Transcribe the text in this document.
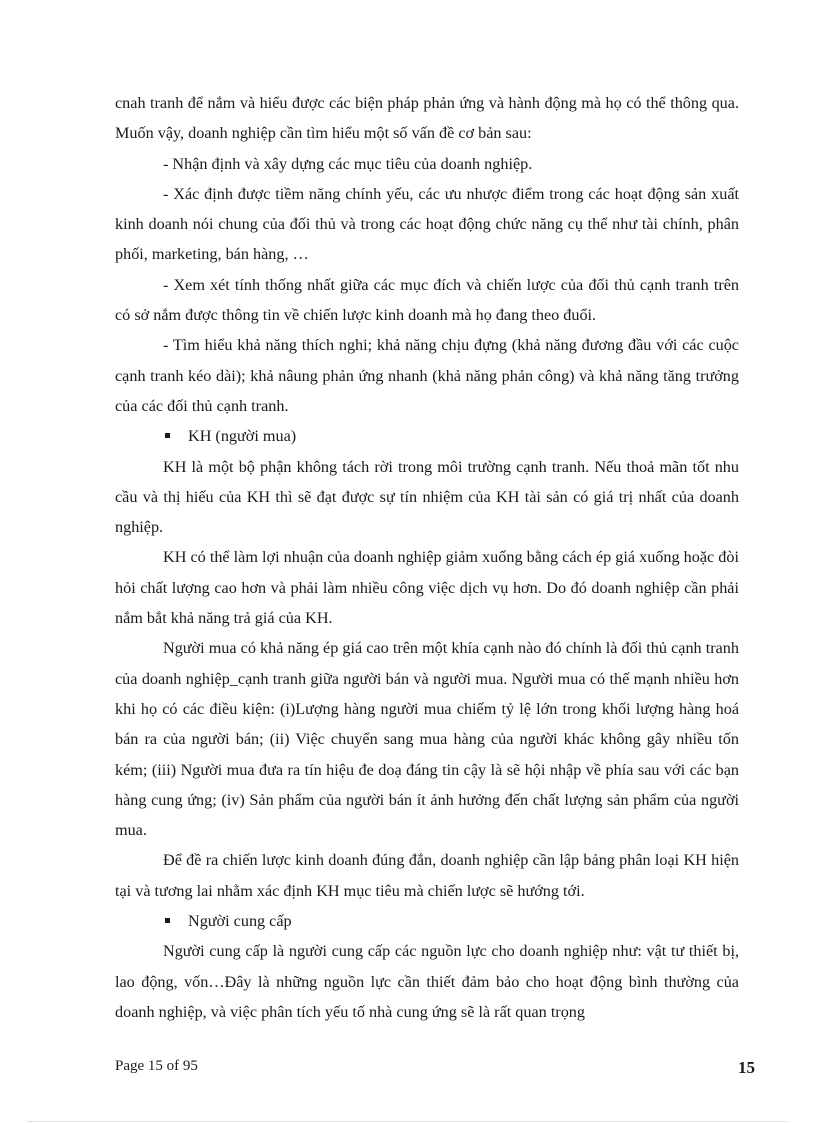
cnah tranh để nắm và hiểu được các biện pháp phản ứng và hành động mà họ có thể thông qua. Muốn vậy, doanh nghiệp cần tìm hiểu một số vấn đề cơ bản sau:

- Nhận định và xây dựng các mục tiêu của doanh nghiệp.

- Xác định được tiềm năng chính yếu, các ưu nhược điểm trong các hoạt động sản xuất kinh doanh nói chung của đối thủ và trong các hoạt động chức năng cụ thể như tài chính, phân phối, marketing, bán hàng, …

- Xem xét tính thống nhất giữa các mục đích và chiến lược của đối thủ cạnh tranh trên có sở nắm được thông tin về chiến lược kinh doanh mà họ đang theo đuổi.

- Tìm hiểu khả năng thích nghi; khả năng chịu đựng (khả năng đương đầu với các cuộc cạnh tranh kéo dài); khả nâung phản ứng nhanh (khả năng phản công) và khả năng tăng trưởng của các đối thủ cạnh tranh.

KH (người mua)

KH là một bộ phận không tách rời trong môi trường cạnh tranh. Nếu thoả mãn tốt nhu cầu và thị hiếu của KH thì sẽ đạt được sự tín nhiệm của KH tài sản có giá trị nhất của doanh nghiệp.

KH có thể làm lợi nhuận của doanh nghiệp giảm xuống bằng cách ép giá xuống hoặc đòi hỏi chất lượng cao hơn và phải làm nhiều công việc dịch vụ hơn. Do đó doanh nghiệp cần phải nắm bắt khả năng trả giá của KH.

Người mua có khả năng ép giá cao trên một khía cạnh nào đó chính là đối thủ cạnh tranh của doanh nghiệp_cạnh tranh giữa người bán và người mua. Người mua có thế mạnh nhiều hơn khi họ có các điều kiện: (i)Lượng hàng người mua chiếm tỷ lệ lớn trong khối lượng hàng hoá bán ra của người bán; (ii) Việc chuyển sang mua hàng của người khác không gây nhiều tốn kém; (iii) Người mua đưa ra tín hiệu đe doạ đáng tin cậy là sẽ hội nhập về phía sau với các bạn hàng cung ứng; (iv) Sản phẩm của người bán ít ảnh hưởng đến chất lượng sản phẩm của người mua.

Để đề ra chiến lược kinh doanh đúng đắn, doanh nghiệp cần lập bảng phân loại KH hiện tại và tương lai nhằm xác định KH mục tiêu mà chiến lược sẽ hướng tới.

Người cung cấp

Người cung cấp là người cung cấp các nguồn lực cho doanh nghiệp như: vật tư thiết bị, lao động, vốn…Đây là những nguồn lực cần thiết đảm bảo cho hoạt động bình thường của doanh nghiệp, và việc phân tích yếu tố nhà cung ứng sẽ là rất quan trọng

Page 15 of 95	15
